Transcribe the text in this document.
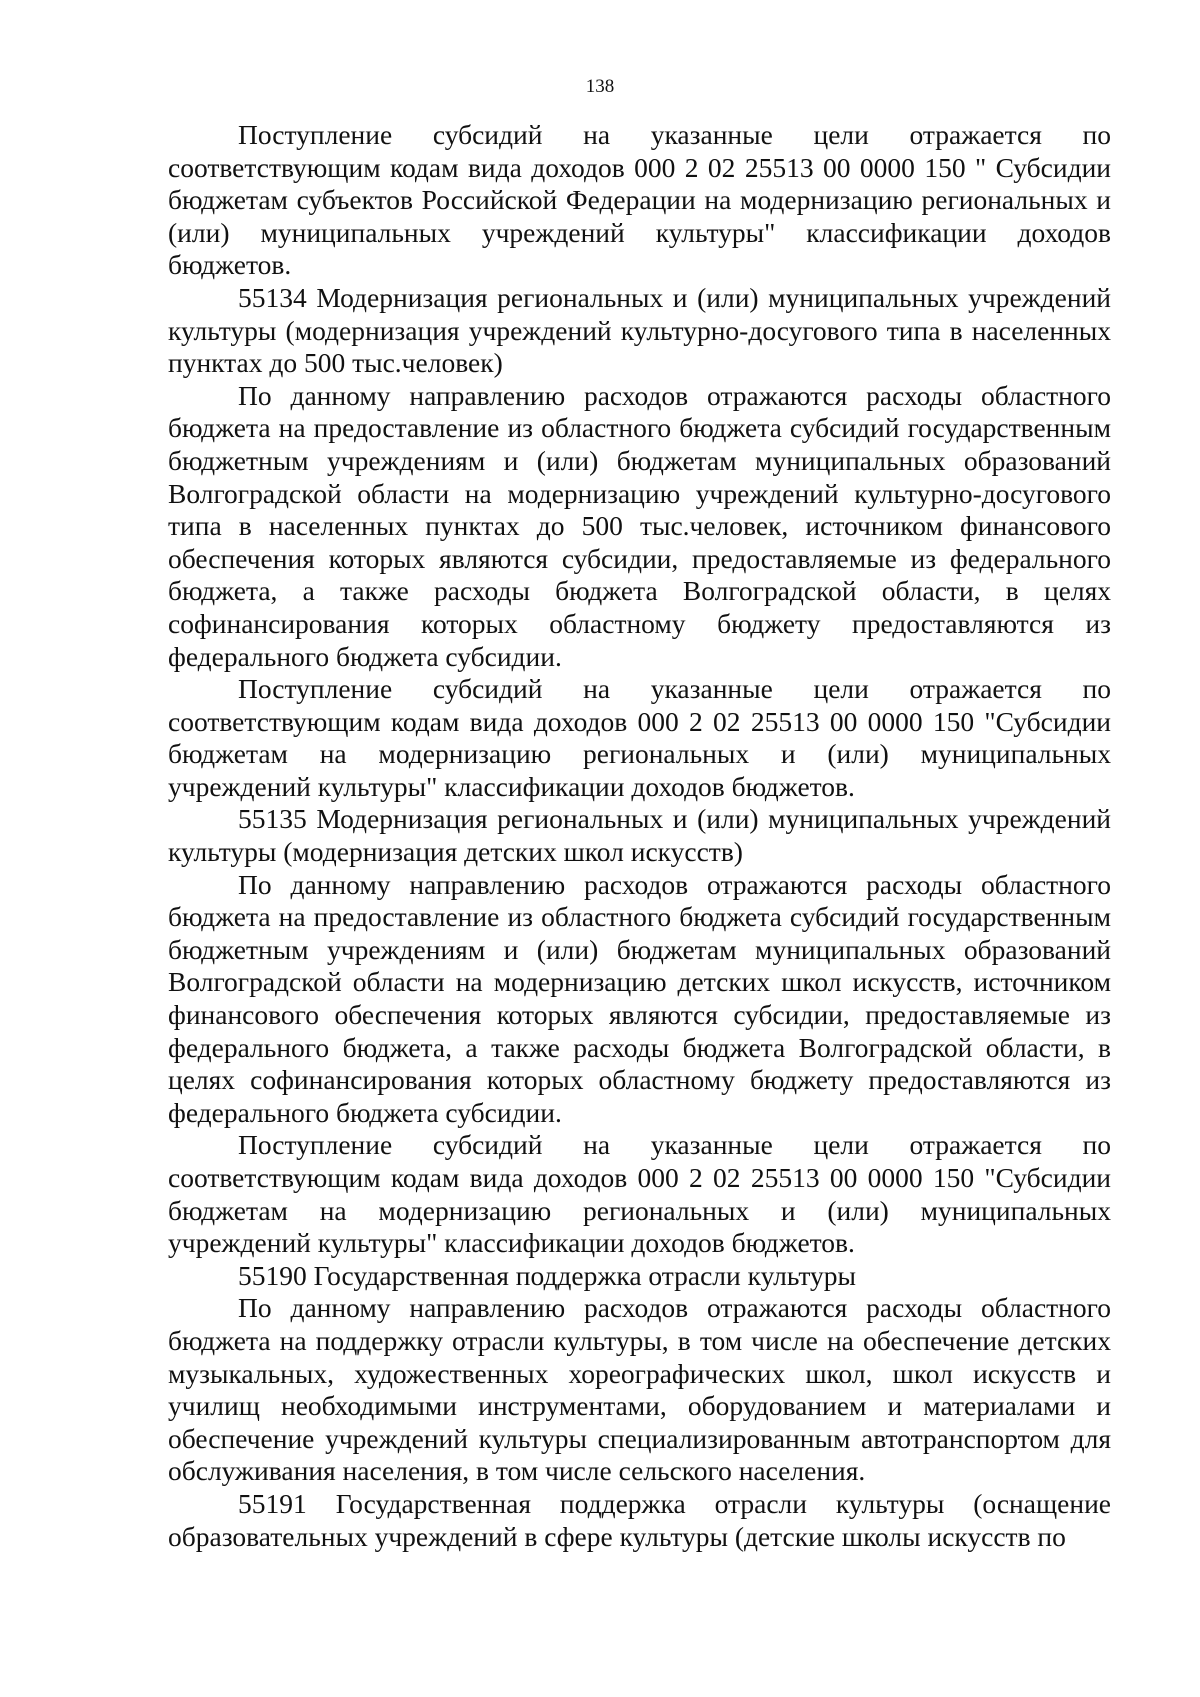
138

Поступление субсидий на указанные цели отражается по соответствующим кодам вида доходов 000 2 02 25513 00 0000 150 " Субсидии бюджетам субъектов Российской Федерации на модернизацию региональных и (или) муниципальных учреждений культуры" классификации доходов бюджетов.

55134 Модернизация региональных и (или) муниципальных учреждений культуры (модернизация учреждений культурно-досугового типа в населенных пунктах до 500 тыс.человек)

По данному направлению расходов отражаются расходы областного бюджета на предоставление из областного бюджета субсидий государственным бюджетным учреждениям и (или) бюджетам муниципальных образований Волгоградской области на модернизацию учреждений культурно-досугового типа в населенных пунктах до 500 тыс.человек, источником финансового обеспечения которых являются субсидии, предоставляемые из федерального бюджета, а также расходы бюджета Волгоградской области, в целях софинансирования которых областному бюджету предоставляются из федерального бюджета субсидии.

Поступление субсидий на указанные цели отражается по соответствующим кодам вида доходов 000 2 02 25513 00 0000 150 "Субсидии бюджетам на модернизацию региональных и (или) муниципальных учреждений культуры" классификации доходов бюджетов.

55135 Модернизация региональных и (или) муниципальных учреждений культуры (модернизация детских школ искусств)

По данному направлению расходов отражаются расходы областного бюджета на предоставление из областного бюджета субсидий государственным бюджетным учреждениям и (или) бюджетам муниципальных образований Волгоградской области на модернизацию детских школ искусств, источником финансового обеспечения которых являются субсидии, предоставляемые из федерального бюджета, а также расходы бюджета Волгоградской области, в целях софинансирования которых областному бюджету предоставляются из федерального бюджета субсидии.

Поступление субсидий на указанные цели отражается по соответствующим кодам вида доходов 000 2 02 25513 00 0000 150 "Субсидии бюджетам на модернизацию региональных и (или) муниципальных учреждений культуры" классификации доходов бюджетов.

55190 Государственная поддержка отрасли культуры

По данному направлению расходов отражаются расходы областного бюджета на поддержку отрасли культуры, в том числе на обеспечение детских музыкальных, художественных хореографических школ, школ искусств и училищ необходимыми инструментами, оборудованием и материалами и обеспечение учреждений культуры специализированным автотранспортом для обслуживания населения, в том числе сельского населения.

55191 Государственная поддержка отрасли культуры (оснащение образовательных учреждений в сфере культуры (детские школы искусств по
